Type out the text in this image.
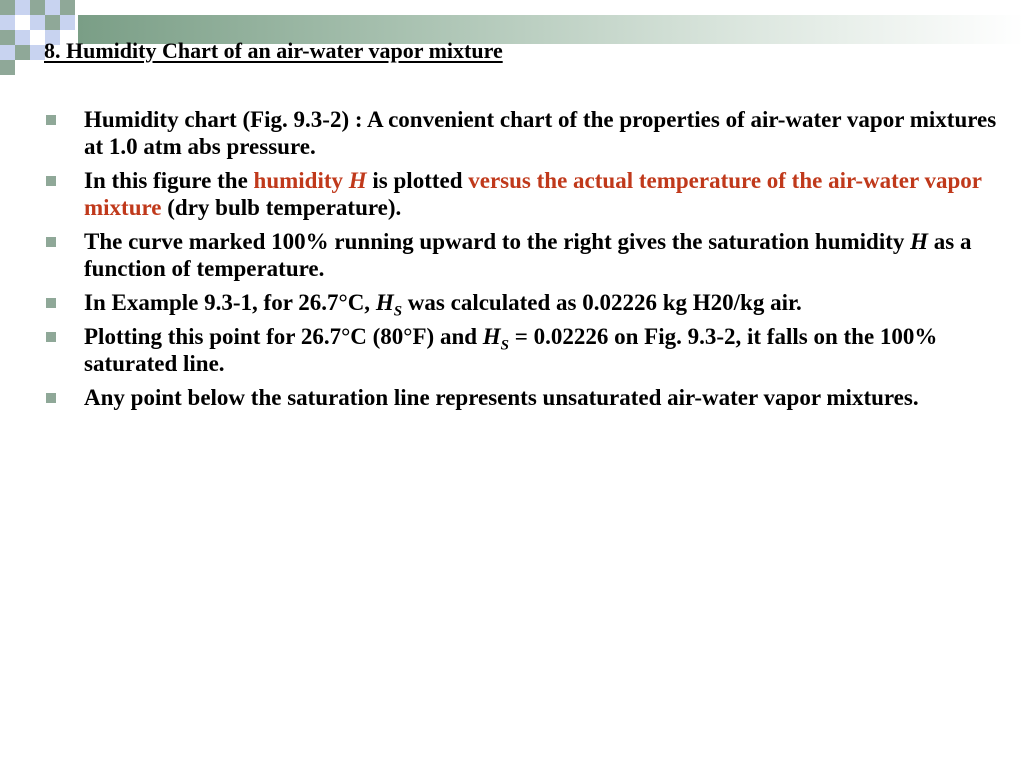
8. Humidity Chart of an air-water vapor mixture
Humidity chart (Fig. 9.3-2) : A convenient chart of the properties of air-water vapor mixtures at 1.0 atm abs pressure.
In this figure the humidity H is plotted versus the actual temperature of the air-water vapor mixture (dry bulb temperature).
The curve marked 100% running upward to the right gives the saturation humidity H as a function of temperature.
In Example 9.3-1, for 26.7°C, $H_S$ was calculated as 0.02226 kg H20/kg air.
Plotting this point for 26.7°C (80°F) and $H_S = 0.02226$ on Fig. 9.3-2, it falls on the 100% saturated line.
Any point below the saturation line represents unsaturated air-water vapor mixtures.
